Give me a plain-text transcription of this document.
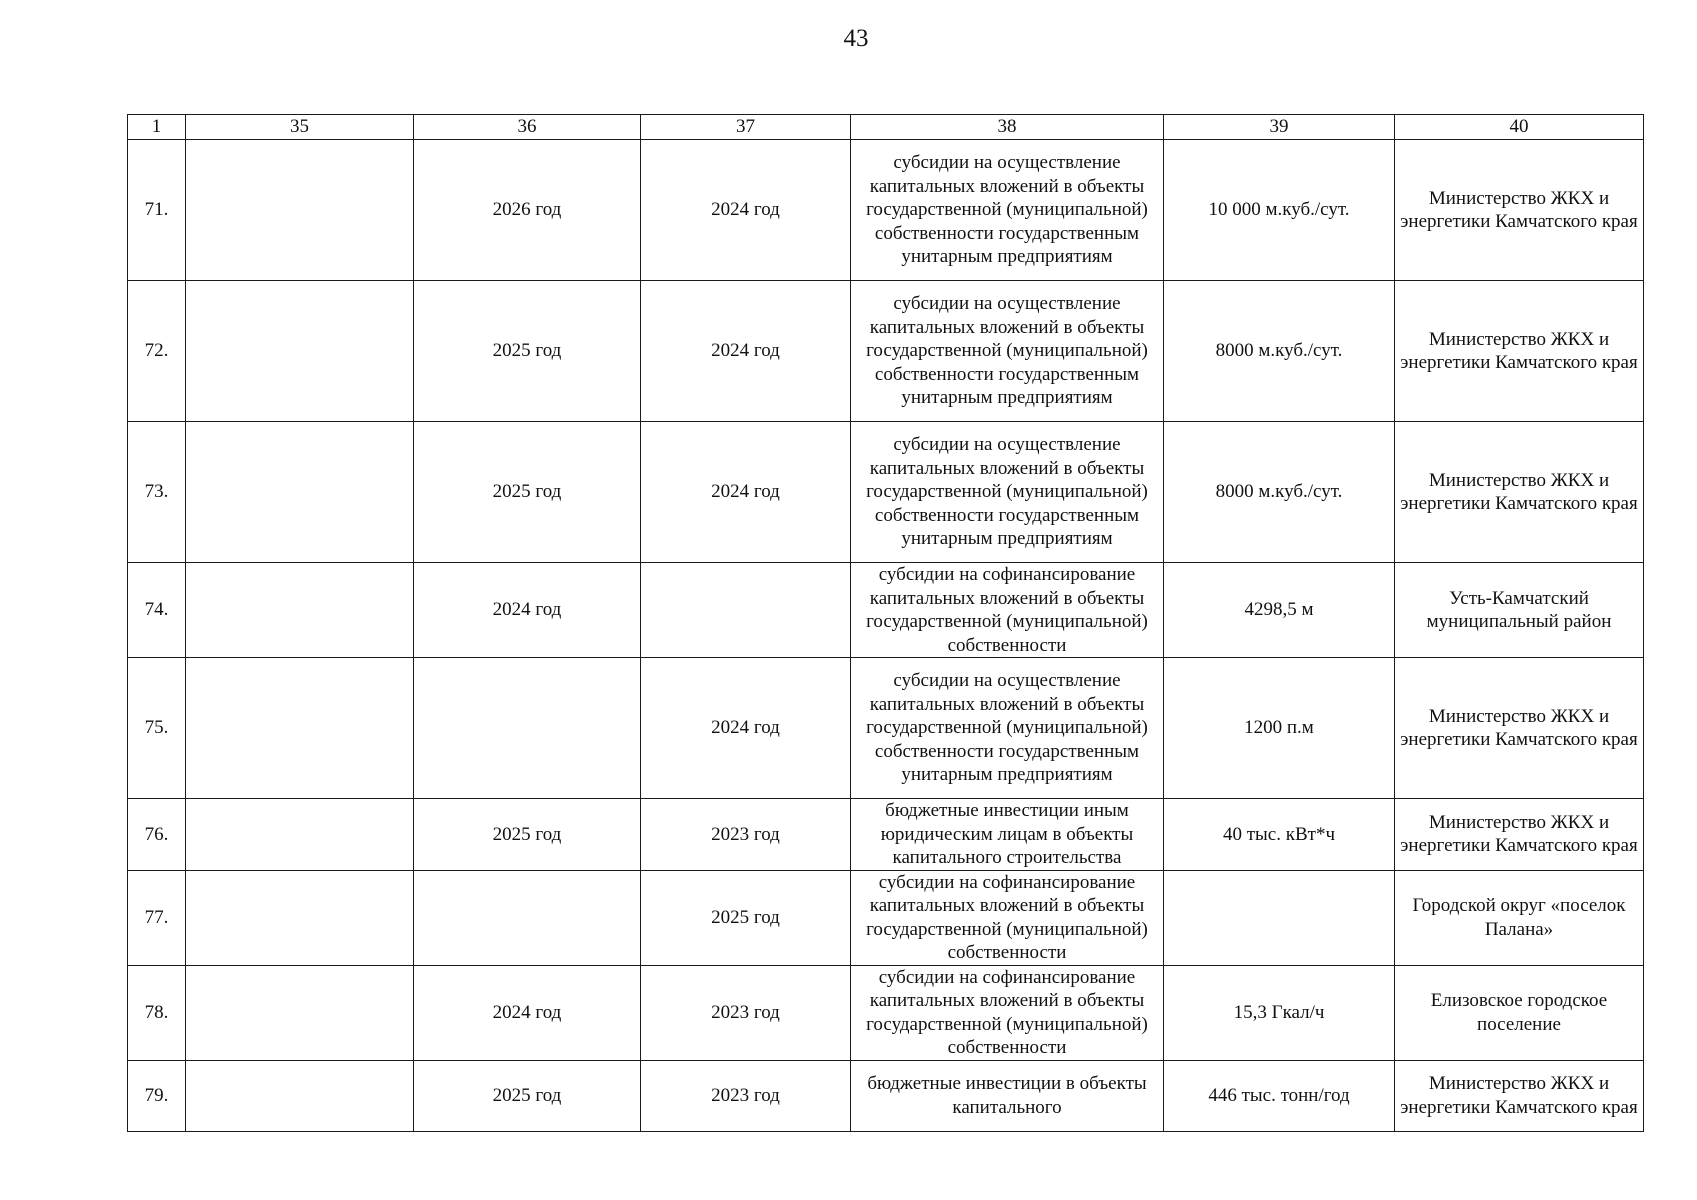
43
1	35	36	37	38	39	40
71.		2026 год	2024 год	субсидии на осуществление капитальных вложений в объекты государственной (муниципальной) собственности государственным унитарным предприятиям	10 000 м.куб./сут.	Министерство ЖКХ и энергетики Камчатского края
72.		2025 год	2024 год	субсидии на осуществление капитальных вложений в объекты государственной (муниципальной) собственности государственным унитарным предприятиям	8000 м.куб./сут.	Министерство ЖКХ и энергетики Камчатского края
73.		2025 год	2024 год	субсидии на осуществление капитальных вложений в объекты государственной (муниципальной) собственности государственным унитарным предприятиям	8000 м.куб./сут.	Министерство ЖКХ и энергетики Камчатского края
74.		2024 год		субсидии на софинансирование капитальных вложений в объекты государственной (муниципальной) собственности	4298,5 м	Усть-Камчатский муниципальный район
75.			2024 год	субсидии на осуществление капитальных вложений в объекты государственной (муниципальной) собственности государственным унитарным предприятиям	1200 п.м	Министерство ЖКХ и энергетики Камчатского края
76.		2025 год	2023 год	бюджетные инвестиции иным юридическим лицам в объекты капитального строительства	40 тыс. кВт*ч	Министерство ЖКХ и энергетики Камчатского края
77.			2025 год	субсидии на софинансирование капитальных вложений в объекты государственной (муниципальной) собственности		Городской округ «поселок Палана»
78.		2024 год	2023 год	субсидии на софинансирование капитальных вложений в объекты государственной (муниципальной) собственности	15,3 Гкал/ч	Елизовское городское поселение
79.		2025 год	2023 год	бюджетные инвестиции в объекты капитального	446 тыс. тонн/год	Министерство ЖКХ и энергетики Камчатского края
